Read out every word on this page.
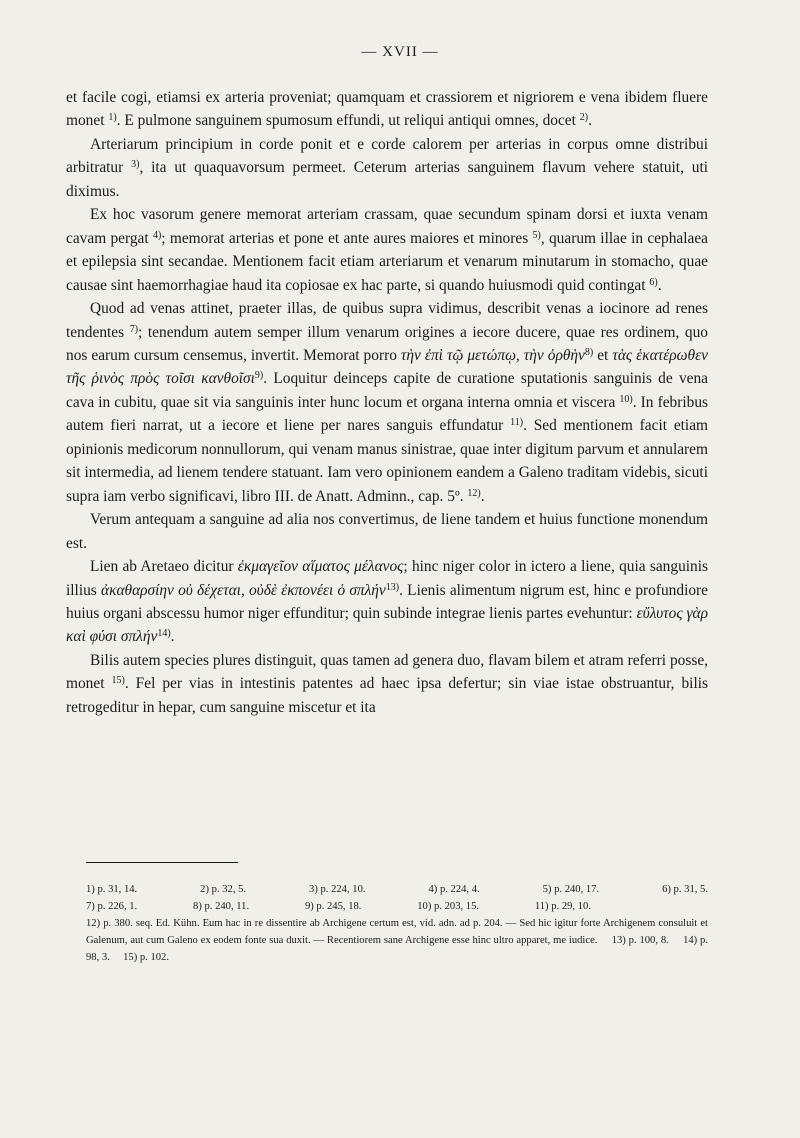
— XVII —

et facile cogi, etiamsi ex arteria proveniat; quamquam et crassiorem et nigriorem e vena ibidem fluere monet $^{1)}$. E pulmone sanguinem spumosum effundi, ut reliqui antiqui omnes, docet $^{2)}$.

Arteriarum principium in corde ponit et e corde calorem per arterias in corpus omne distribui arbitratur $^{3)}$, ita ut quaquavorsum permeet. Ceterum arterias sanguinem flavum vehere statuit, uti diximus.

Ex hoc vasorum genere memorat arteriam crassam, quae secundum spinam dorsi et iuxta venam cavam pergat $^{4)}$; memorat arterias et pone et ante aures maiores et minores $^{5)}$, quarum illae in cephalaea et epilepsia sint secandae. Mentionem facit etiam arteriarum et venarum minutarum in stomacho, quae causae sint haemorrhagiae haud ita copiosae ex hac parte, si quando huiusmodi quid contingat $^{6)}$.

Quod ad venas attinet, praeter illas, de quibus supra vidimus, describit venas a iocinore ad renes tendentes $^{7)}$; tenendum autem semper illum venarum origines a iecore ducere, quae res ordinem, quo nos earum cursum censemus, invertit. Memorat porro τὴν ἐπὶ τῷ μετώπῳ, τὴν ὀρθὴν$^{8)}$ et τὰς ἑκατέρωθεν τῆς ῥινὸς πρὸς τοῖσι κανθοῖσι$^{9)}$. Loquitur deinceps capite de curatione sputationis sanguinis de vena cava in cubitu, quae sit via sanguinis inter hunc locum et organa interna omnia et viscera $^{10)}$. In febribus autem fieri narrat, ut a iecore et liene per nares sanguis effundatur $^{11)}$. Sed mentionem facit etiam opinionis medicorum nonnullorum, qui venam manus sinistrae, quae inter digitum parvum et annularem sit intermedia, ad lienem tendere statuant. Iam vero opinionem eandem a Galeno traditam videbis, sicuti supra iam verbo significavi, libro III. de Anatt. Adminn., cap. 5º. $^{12)}$.

Verum antequam a sanguine ad alia nos convertimus, de liene tandem et huius functione monendum est.

Lien ab Aretaeo dicitur ἐκμαγεῖον αἵματος μέλανος; hinc niger color in ictero a liene, quia sanguinis illius ἀκαθαρσίην οὐ δέχεται, οὐδὲ ἐκπονέει ὁ σπλήν$^{13)}$. Lienis alimentum nigrum est, hinc e profundiore huius organi abscessu humor niger effunditur; quin subinde integrae lienis partes evehuntur: εὔλυτος γὰρ καὶ φύσι σπλήν$^{14)}$.

Bilis autem species plures distinguit, quas tamen ad genera duo, flavam bilem et atram referri posse, monet $^{15)}$. Fel per vias in intestinis patentes ad haec ipsa defertur; sin viae istae obstruantur, bilis retrogeditur in hepar, cum sanguine miscetur et ita

1) p. 31, 14.	2) p. 32, 5.	3) p. 224, 10.	4) p. 224, 4.	5) p. 240, 17.	6) p. 31, 5.
7) p. 226, 1.	8) p. 240, 11.	9) p. 245, 18.	10) p. 203, 15.	11) p. 29, 10.
12) p. 380. seq. Ed. Kühn. Eum hac in re dissentire ab Archigene certum est, vid. adn. ad p. 204. — Sed hic igitur forte Archigenem consuluit et Galenum, aut cum Galeno ex eodem fonte sua duxit. — Recentiorem sane Archigene esse hinc ultro apparet, me iudice. 13) p. 100, 8. 14) p. 98, 3. 15) p. 102.
